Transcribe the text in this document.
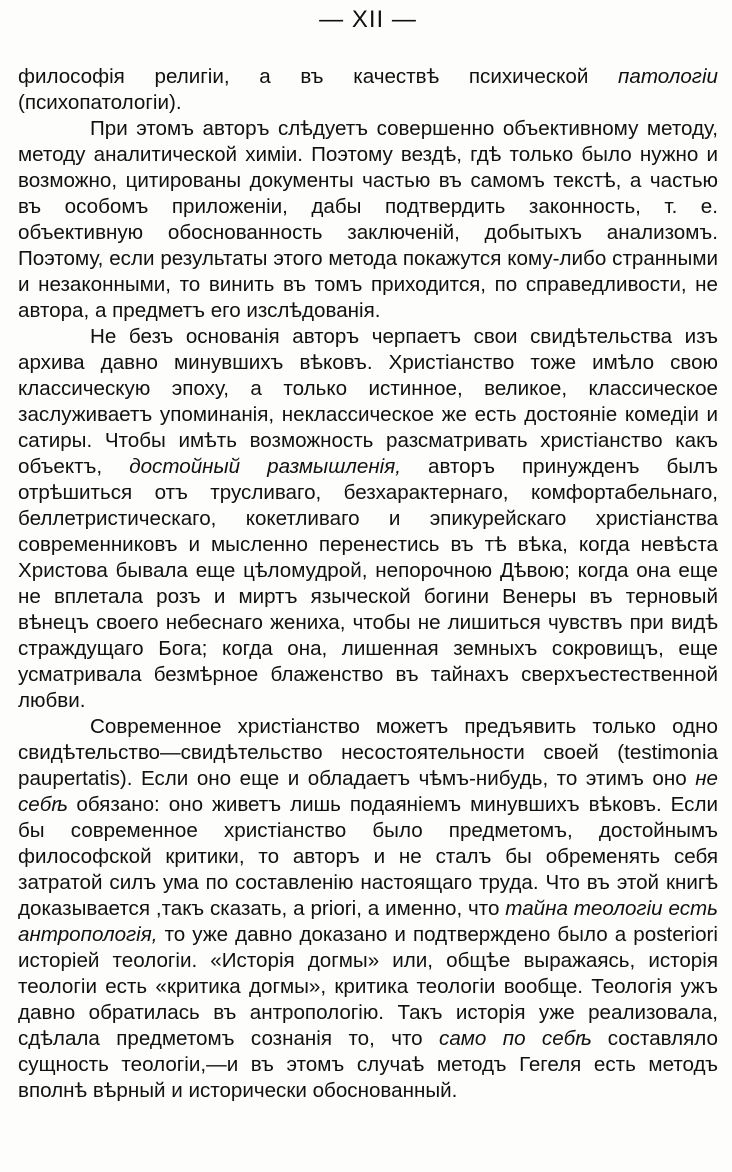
— XII —

философія религіи, а въ качествѣ психической патологіи (психопатологіи).

При этомъ авторъ слѣдуетъ совершенно объективному методу, методу аналитической химіи. Поэтому вездѣ, гдѣ только было нужно и возможно, цитированы документы частью въ самомъ текстѣ, а частью въ особомъ приложеніи, дабы подтвердить законность, т. е. объективную обоснованность заключеній, добытыхъ анализомъ. Поэтому, если результаты этого метода покажутся кому-либо странными и незаконными, то винить въ томъ приходится, по справедливости, не автора, а предметъ его изслѣдованія.

Не безъ основанія авторъ черпаетъ свои свидѣтельства изъ архива давно минувшихъ вѣковъ. Христіанство тоже имѣло свою классическую эпоху, а только истинное, великое, классическое заслуживаетъ упоминанія, неклассическое же есть достояніе комедіи и сатиры. Чтобы имѣть возможность разсматривать христіанство какъ объектъ, достойный размышленія, авторъ принужденъ былъ отрѣшиться отъ трусливаго, безхарактернаго, комфортабельнаго, беллетристическаго, кокетливаго и эпикурейскаго христіанства современниковъ и мысленно перенестись въ тѣ вѣка, когда невѣста Христова бывала еще цѣломудрой, непорочною Дѣвою; когда она еще не вплетала розъ и миртъ языческой богини Венеры въ терновый вѣнецъ своего небеснаго жениха, чтобы не лишиться чувствъ при видѣ страждущаго Бога; когда она, лишенная земныхъ сокровищъ, еще усматривала безмѣрное блаженство въ тайнахъ сверхъестественной любви.

Современное христіанство можетъ предъявить только одно свидѣтельство—свидѣтельство несостоятельности своей (testimonia paupertatis). Если оно еще и обладаетъ чѣмъ-нибудь, то этимъ оно не себѣ обязано: оно живетъ лишь подаяніемъ минувшихъ вѣковъ. Если бы современное христіанство было предметомъ, достойнымъ философской критики, то авторъ и не сталъ бы обременять себя затратой силъ ума по составленію настоящаго труда. Что въ этой книгѣ доказывается ,такъ сказать, a priori, а именно, что тайна теологіи есть антропологія, то уже давно доказано и подтверждено было a posteriori исторіей теологіи. «Исторія догмы» или, общѣе выражаясь, исторія теологіи есть «критика догмы», критика теологіи вообще. Теологія ужъ давно обратилась въ антропологію. Такъ исторія уже реализовала, сдѣлала предметомъ сознанія то, что само по себѣ составляло сущность теологіи,—и въ этомъ случаѣ методъ Гегеля есть методъ вполнѣ вѣрный и исторически обоснованный.
